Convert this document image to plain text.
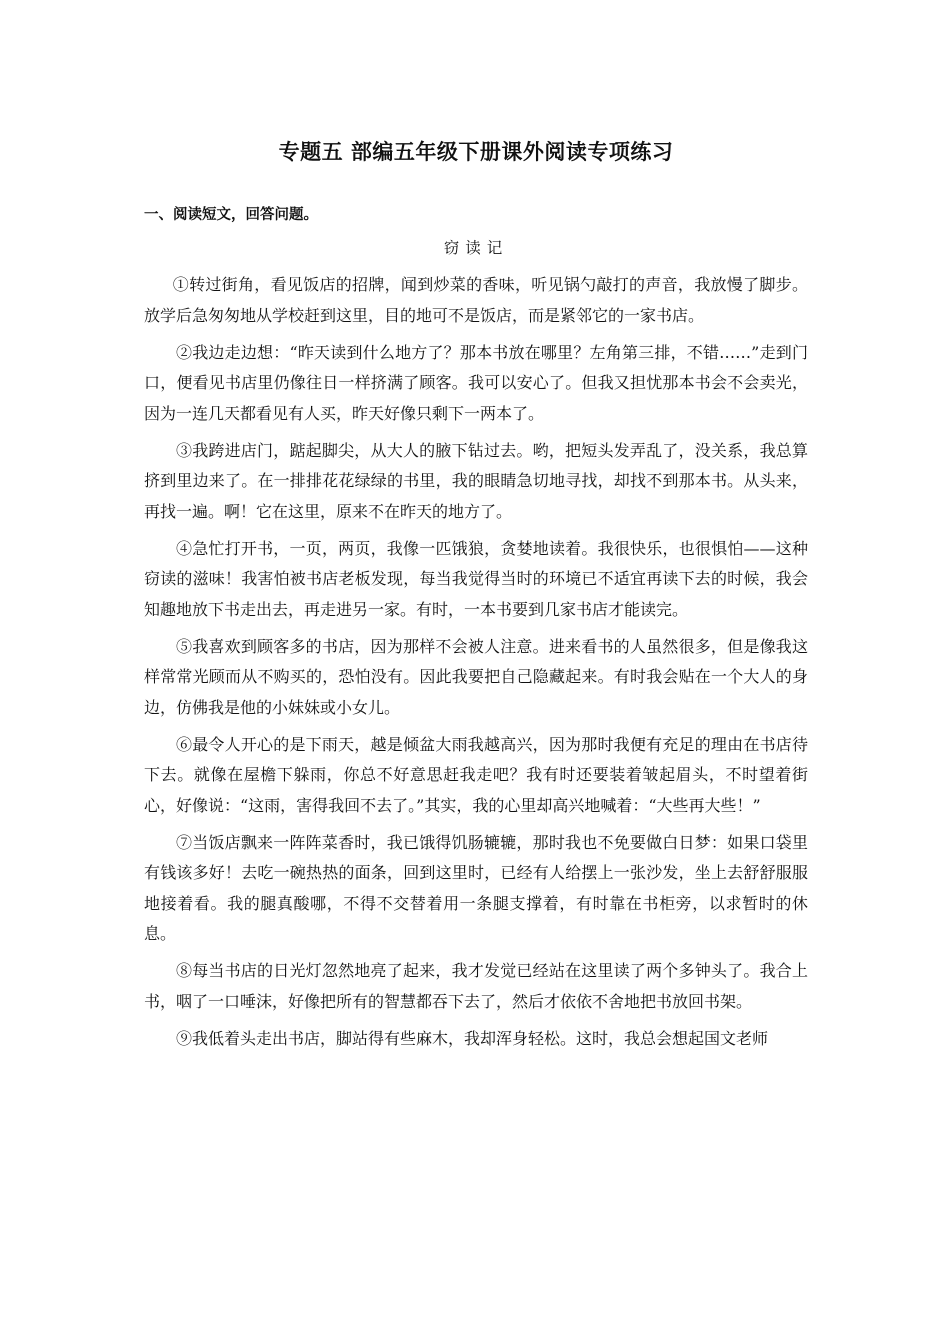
专题五 部编五年级下册课外阅读专项练习
一、阅读短文，回答问题。
窃读记

①转过街角，看见饭店的招牌，闻到炒菜的香味，听见锅勺敲打的声音，我放慢了脚步。放学后急匆匆地从学校赶到这里，目的地可不是饭店，而是紧邻它的一家书店。

②我边走边想：“昨天读到什么地方了？那本书放在哪里？左角第三排，不错……”走到门口，便看见书店里仍像往日一样挤满了顾客。我可以安心了。但我又担忧那本书会不会卖光，因为一连几天都看见有人买，昨天好像只剩下一两本了。

③我跨进店门，踮起脚尖，从大人的腋下钻过去。哟，把短头发弄乱了，没关系，我总算挤到里边来了。在一排排花花绿绿的书里，我的眼睛急切地寻找，却找不到那本书。从头来，再找一遍。啊！它在这里，原来不在昨天的地方了。

④急忙打开书，一页，两页，我像一匹饿狼，贪婪地读着。我很快乐，也很惧怕——这种窃读的滋味！我害怕被书店老板发现，每当我觉得当时的环境已不适宜再读下去的时候，我会知趣地放下书走出去，再走进另一家。有时，一本书要到几家书店才能读完。

⑤我喜欢到顾客多的书店，因为那样不会被人注意。进来看书的人虽然很多，但是像我这样常常光顾而从不购买的，恐怕没有。因此我要把自己隐藏起来。有时我会贴在一个大人的身边，仿佛我是他的小妹妹或小女儿。

⑥最令人开心的是下雨天，越是倾盆大雨我越高兴，因为那时我便有充足的理由在书店待下去。就像在屋檐下躲雨，你总不好意思赶我走吧？我有时还要装着皱起眉头，不时望着街心，好像说：“这雨，害得我回不去了。”其实，我的心里却高兴地喊着：“大些再大些！”

⑦当饭店飘来一阵阵菜香时，我已饿得饥肠辘辘，那时我也不免要做白日梦：如果口袋里有钱该多好！去吃一碗热热的面条，回到这里时，已经有人给摆上一张沙发，坐上去舒舒服服地接着看。我的腿真酸哪，不得不交替着用一条腿支撑着，有时靠在书柜旁，以求暂时的休息。

⑧每当书店的日光灯忽然地亮了起来，我才发觉已经站在这里读了两个多钟头了。我合上书，咽了一口唾沫，好像把所有的智慧都吞下去了，然后才依依不舍地把书放回书架。

⑨我低着头走出书店，脚站得有些麻木，我却浑身轻松。这时，我总会想起国文老师
